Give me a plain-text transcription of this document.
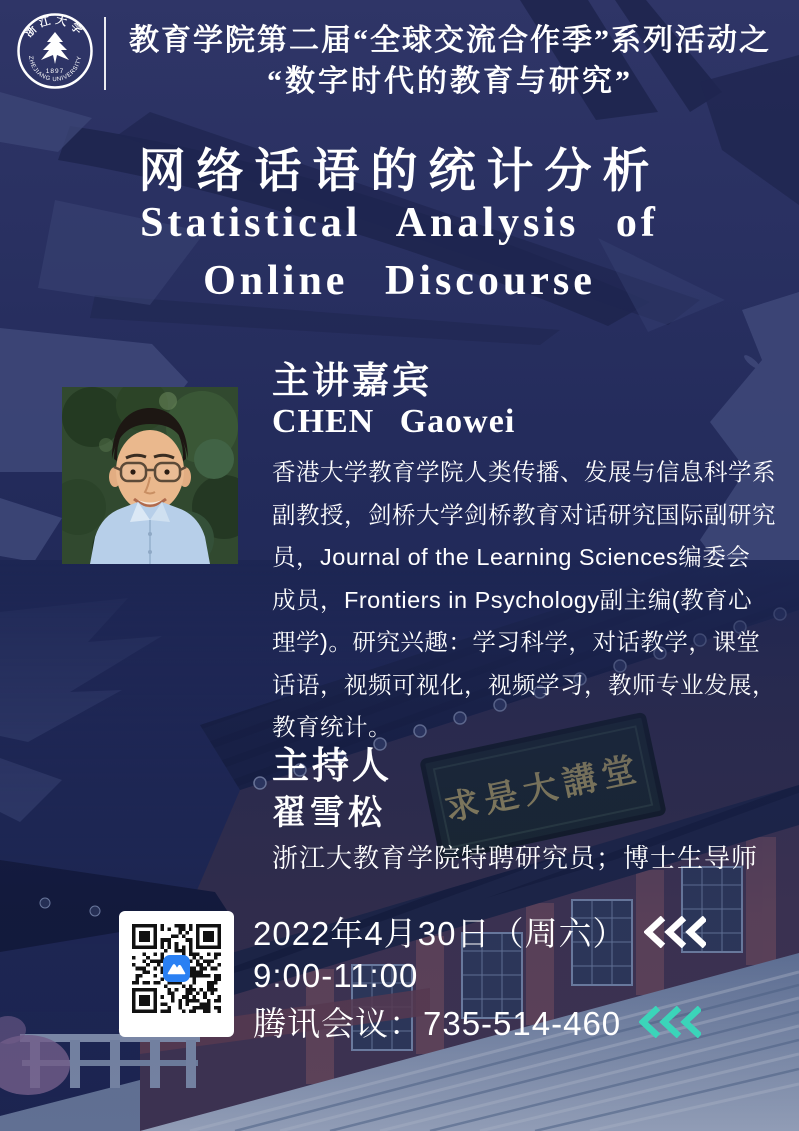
浙江大学
ZHEJIANG UNIVERSITY
1897
教育学院第二届“全球交流合作季”系列活动之
“数字时代的教育与研究”
网络话语的统计分析
Statistical Analysis of
Online Discourse
主讲嘉宾
CHEN Gaowei
香港大学教育学院人类传播、发展与信息科学系
副教授，剑桥大学剑桥教育对话研究国际副研究
员，Journal of the Learning Sciences编委会
成员，Frontiers in Psychology副主编(教育心
理学)。研究兴趣：学习科学，对话教学，课堂
话语，视频可视化，视频学习，教师专业发展，
教育统计。
主持人
翟雪松
浙江大教育学院特聘研究员；博士生导师
2022年4月30日（周六）
9:00-11:00
腾讯会议：735-514-460
